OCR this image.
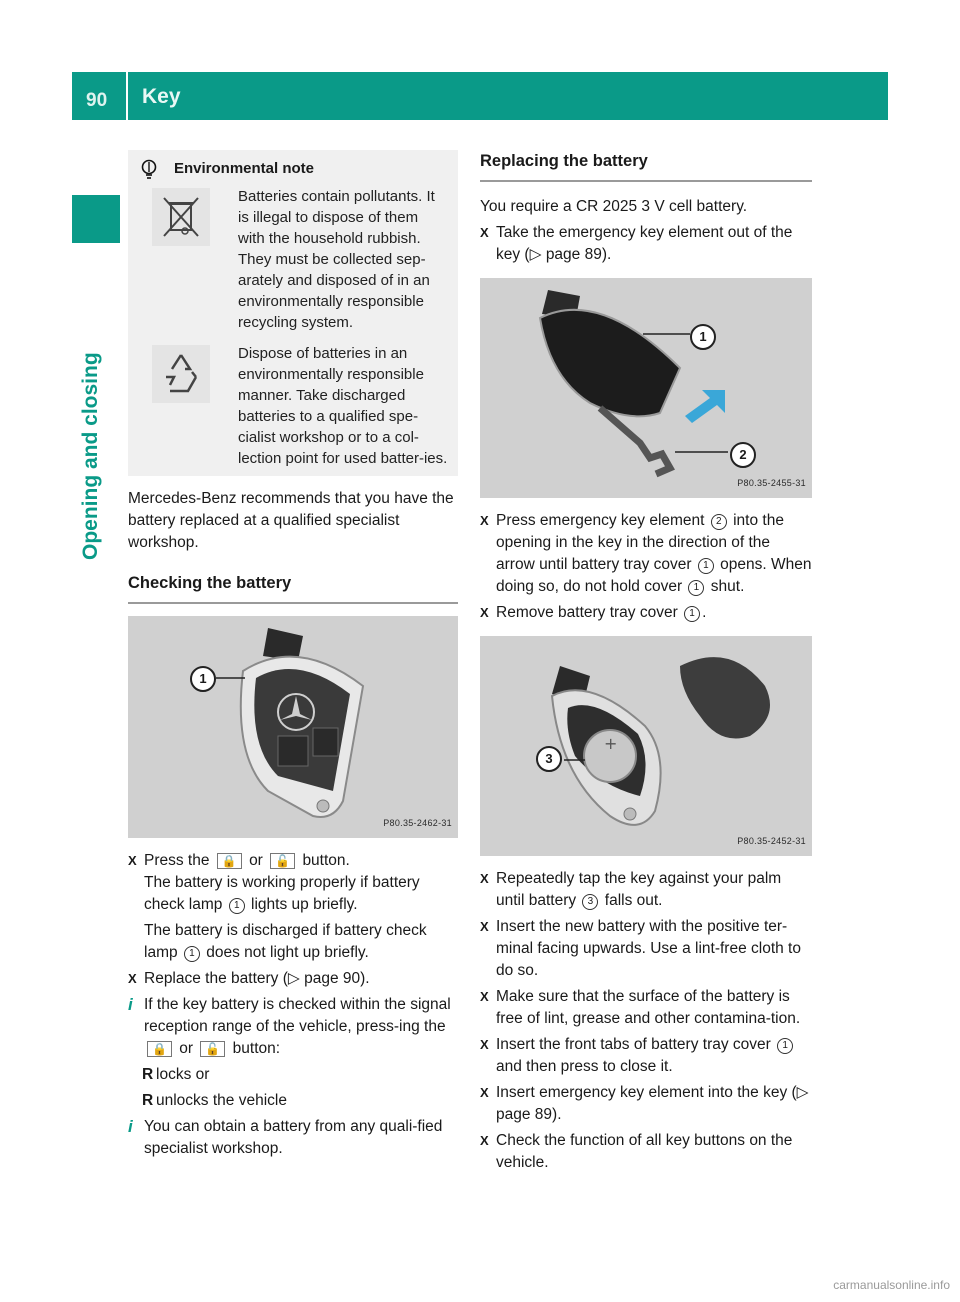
90 Key
Opening and closing
Environmental note
Batteries contain pollutants. It is illegal to dispose of them with the household rubbish. They must be collected sep-arately and disposed of in an environmentally responsible recycling system.
Dispose of batteries in an environmentally responsible manner. Take discharged batteries to a qualified spe-cialist workshop or to a col-lection point for used batter-ies.

Mercedes-Benz recommends that you have the battery replaced at a qualified specialist workshop.

Checking the battery
1
P80.35-2462-31
X Press the 🔒 or 🔓 button.
The battery is working properly if battery check lamp 1 lights up briefly.
The battery is discharged if battery check lamp 1 does not light up briefly.
X Replace the battery (▷ page 90).
i If the key battery is checked within the signal reception range of the vehicle, press-ing the 🔒 or 🔓 button:
R locks or
R unlocks the vehicle
i You can obtain a battery from any quali-fied specialist workshop.
Replacing the battery

You require a CR 2025 3 V cell battery.

X Take the emergency key element out of the key (▷ page 89).
1
2
P80.35-2455-31
X Press emergency key element 2 into the opening in the key in the direction of the arrow until battery tray cover 1 opens. When doing so, do not hold cover 1 shut.
X Remove battery tray cover 1 .
+
3
P80.35-2452-31
X Repeatedly tap the key against your palm until battery 3 falls out.
X Insert the new battery with the positive ter-minal facing upwards. Use a lint-free cloth to do so.
X Make sure that the surface of the battery is free of lint, grease and other contamina-tion.
X Insert the front tabs of battery tray cover 1 and then press to close it.
X Insert emergency key element into the key (▷ page 89).
X Check the function of all key buttons on the vehicle.
carmanualsonline.info
